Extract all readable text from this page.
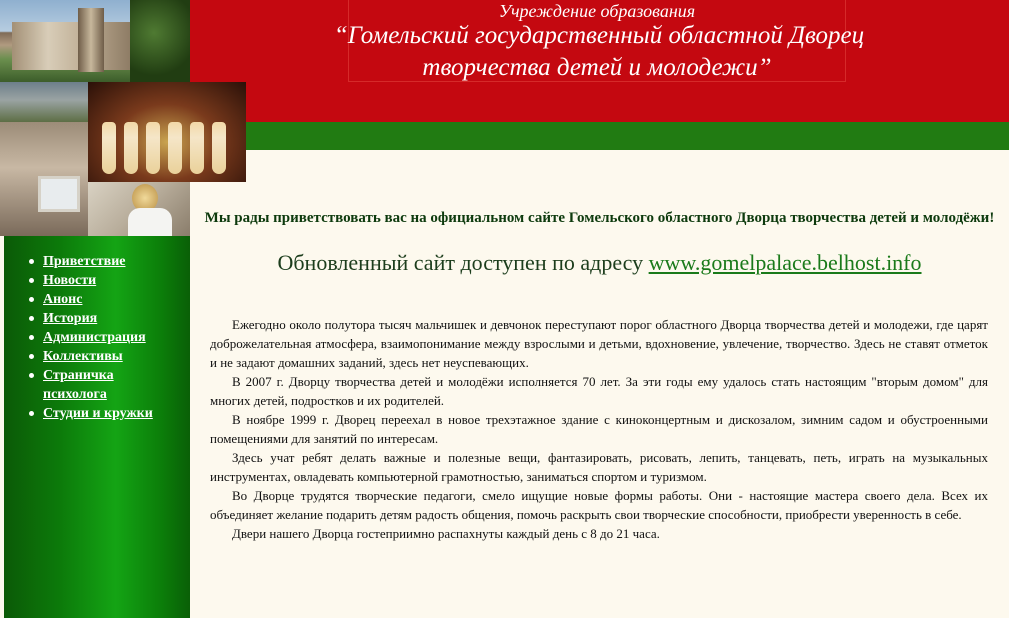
Учреждение образования
“Гомельский государственный областной Дворец
творчества детей и молодежи”
Приветствие
Новости
Анонс
История
Администрация
Коллективы
Страничка психолога
Студии и кружки
Мы рады приветствовать вас на официальном сайте Гомельского областного Дворца творчества детей и молодёжи!
Обновленный сайт доступен по адресу www.gomelpalace.belhost.info

Ежегодно около полутора тысяч мальчишек и девчонок переступают порог областного Дворца творчества детей и молодежи, где царят доброжелательная атмосфера, взаимопонимание между взрослыми и детьми, вдохновение, увлечение, творчество. Здесь не ставят отметок и не задают домашних заданий, здесь нет неуспевающих.

В 2007 г. Дворцу творчества детей и молодёжи исполняется 70 лет. За эти годы ему удалось стать настоящим "вторым домом" для многих детей, подростков и их родителей.

В ноябре 1999 г. Дворец переехал в новое трехэтажное здание с киноконцертным и дискозалом, зимним садом и обустроенными помещениями для занятий по интересам.

Здесь учат ребят делать важные и полезные вещи, фантазировать, рисовать, лепить, танцевать, петь, играть на музыкальных инструментах, овладевать компьютерной грамотностью, заниматься спортом и туризмом.

Во Дворце трудятся творческие педагоги, смело ищущие новые формы работы. Они - настоящие мастера своего дела. Всех их объединяет желание подарить детям радость общения, помочь раскрыть свои творческие способности, приобрести уверенность в себе.

Двери нашего Дворца гостеприимно распахнуты каждый день с 8 до 21 часа.
